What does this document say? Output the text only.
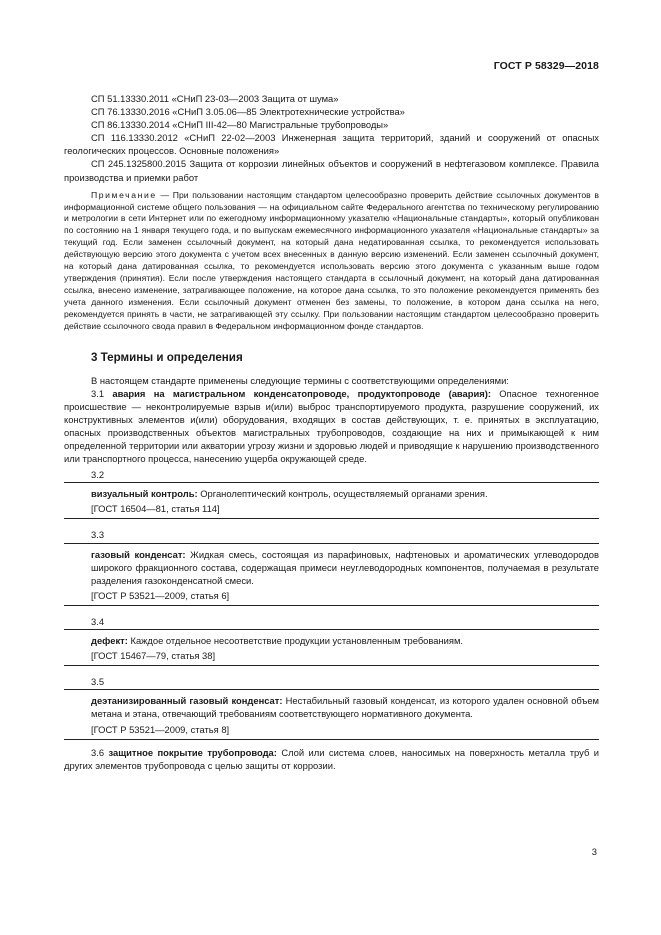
ГОСТ Р 58329—2018

СП 51.13330.2011 «СНиП 23-03—2003 Защита от шума»

СП 76.13330.2016 «СНиП 3.05.06—85 Электротехнические устройства»

СП 86.13330.2014 «СНиП III-42—80 Магистральные трубопроводы»

СП 116.13330.2012 «СНиП 22-02—2003 Инженерная защита территорий, зданий и сооружений от опасных геологических процессов. Основные положения»

СП 245.1325800.2015 Защита от коррозии линейных объектов и сооружений в нефтегазовом комплексе. Правила производства и приемки работ

Примечание — При пользовании настоящим стандартом целесообразно проверить действие ссылочных документов в информационной системе общего пользования — на официальном сайте Федерального агентства по техническому регулированию и метрологии в сети Интернет или по ежегодному информационному указателю «Национальные стандарты», который опубликован по состоянию на 1 января текущего года, и по выпускам ежемесячного информационного указателя «Национальные стандарты» за текущий год. Если заменен ссылочный документ, на который дана недатированная ссылка, то рекомендуется использовать действующую версию этого документа с учетом всех внесенных в данную версию изменений. Если заменен ссылочный документ, на который дана датированная ссылка, то рекомендуется использовать версию этого документа с указанным выше годом утверждения (принятия). Если после утверждения настоящего стандарта в ссылочный документ, на который дана датированная ссылка, внесено изменение, затрагивающее положение, на которое дана ссылка, то это положение рекомендуется применять без учета данного изменения. Если ссылочный документ отменен без замены, то положение, в котором дана ссылка на него, рекомендуется принять в части, не затрагивающей эту ссылку. При пользовании настоящим стандартом целесообразно проверить действие ссылочного свода правил в Федеральном информационном фонде стандартов.

3 Термины и определения

В настоящем стандарте применены следующие термины с соответствующими определениями:

3.1 авария на магистральном конденсатопроводе, продуктопроводе (авария): Опасное техногенное происшествие — неконтролируемые взрыв и(или) выброс транспортируемого продукта, разрушение сооружений, их конструктивных элементов и(или) оборудования, входящих в состав действующих, т. е. принятых в эксплуатацию, опасных производственных объектов магистральных трубопроводов, создающие на них и примыкающей к ним определенной территории или акватории угрозу жизни и здоровью людей и приводящие к нарушению производственного или транспортного процесса, нанесению ущерба окружающей среде.

3.2

визуальный контроль: Органолептический контроль, осуществляемый органами зрения.

[ГОСТ 16504—81, статья 114]

3.3

газовый конденсат: Жидкая смесь, состоящая из парафиновых, нафтеновых и ароматических углеводородов широкого фракционного состава, содержащая примеси неуглеводородных компонентов, получаемая в результате разделения газоконденсатной смеси.

[ГОСТ Р 53521—2009, статья 6]

3.4

дефект: Каждое отдельное несоответствие продукции установленным требованиям.

[ГОСТ 15467—79, статья 38]

3.5

деэтанизированный газовый конденсат: Нестабильный газовый конденсат, из которого удален основной объем метана и этана, отвечающий требованиям соответствующего нормативного документа.

[ГОСТ Р 53521—2009, статья 8]

3.6 защитное покрытие трубопровода: Слой или система слоев, наносимых на поверхность металла труб и других элементов трубопровода с целью защиты от коррозии.

3
